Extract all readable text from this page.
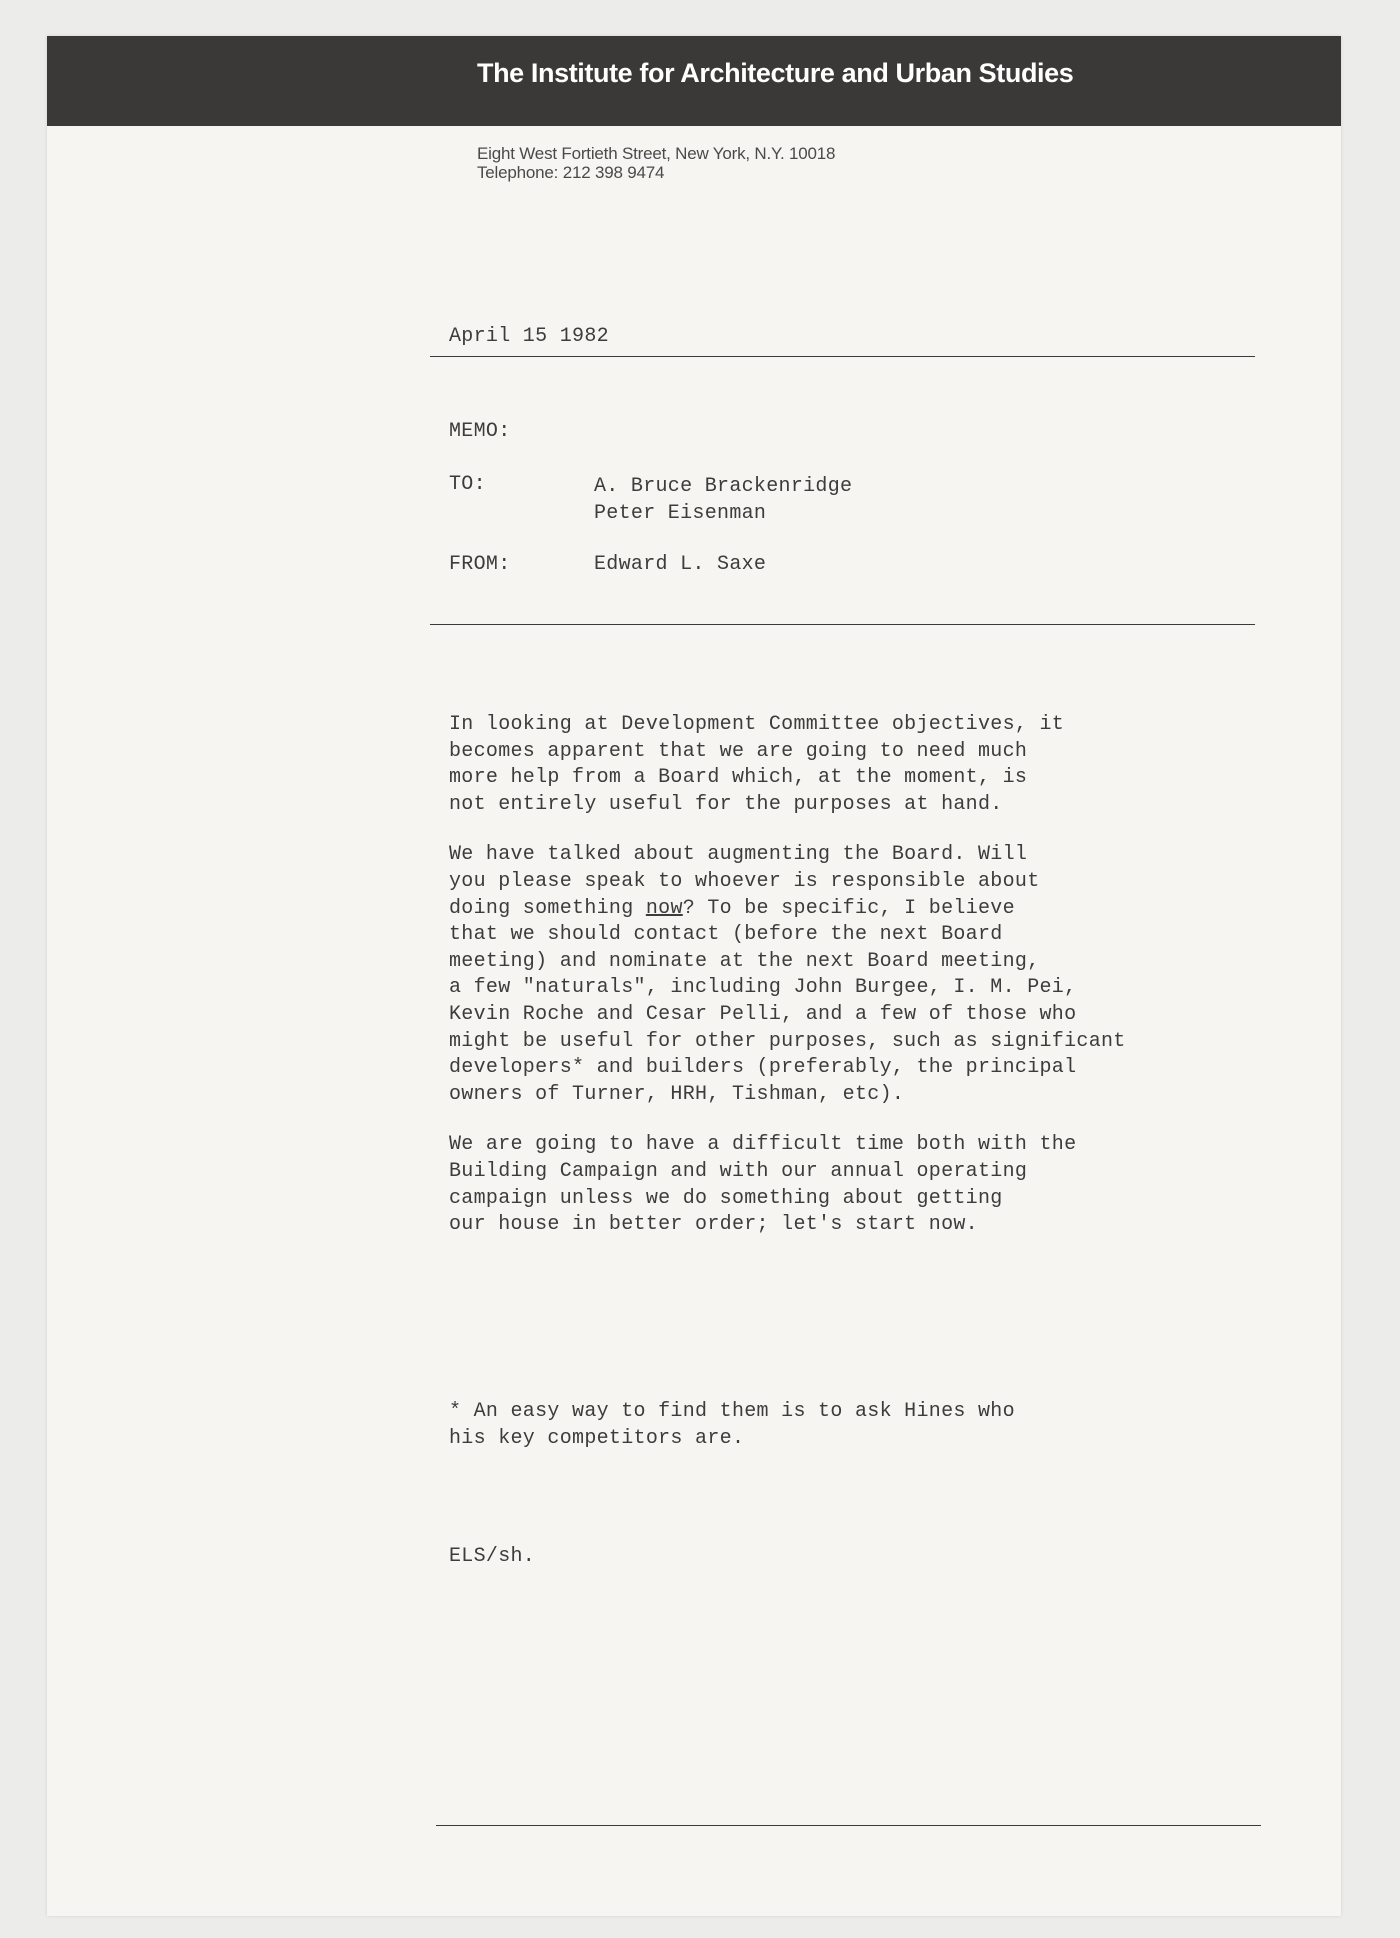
The Institute for Architecture and Urban Studies
Eight West Fortieth Street, New York, N.Y. 10018
Telephone: 212 398 9474
April 15 1982
MEMO:
TO:	A. Bruce Brackenridge
Peter Eisenman
FROM:	Edward L. Saxe
In looking at Development Committee objectives, it
becomes apparent that we are going to need much
more help from a Board which, at the moment, is
not entirely useful for the purposes at hand.
We have talked about augmenting the Board. Will
you please speak to whoever is responsible about
doing something now? To be specific, I believe
that we should contact (before the next Board
meeting) and nominate at the next Board meeting,
a few "naturals", including John Burgee, I. M. Pei,
Kevin Roche and Cesar Pelli, and a few of those who
might be useful for other purposes, such as significant
developers* and builders (preferably, the principal
owners of Turner, HRH, Tishman, etc).
We are going to have a difficult time both with the
Building Campaign and with our annual operating
campaign unless we do something about getting
our house in better order; let's start now.
* An easy way to find them is to ask Hines who
his key competitors are.
ELS/sh.
